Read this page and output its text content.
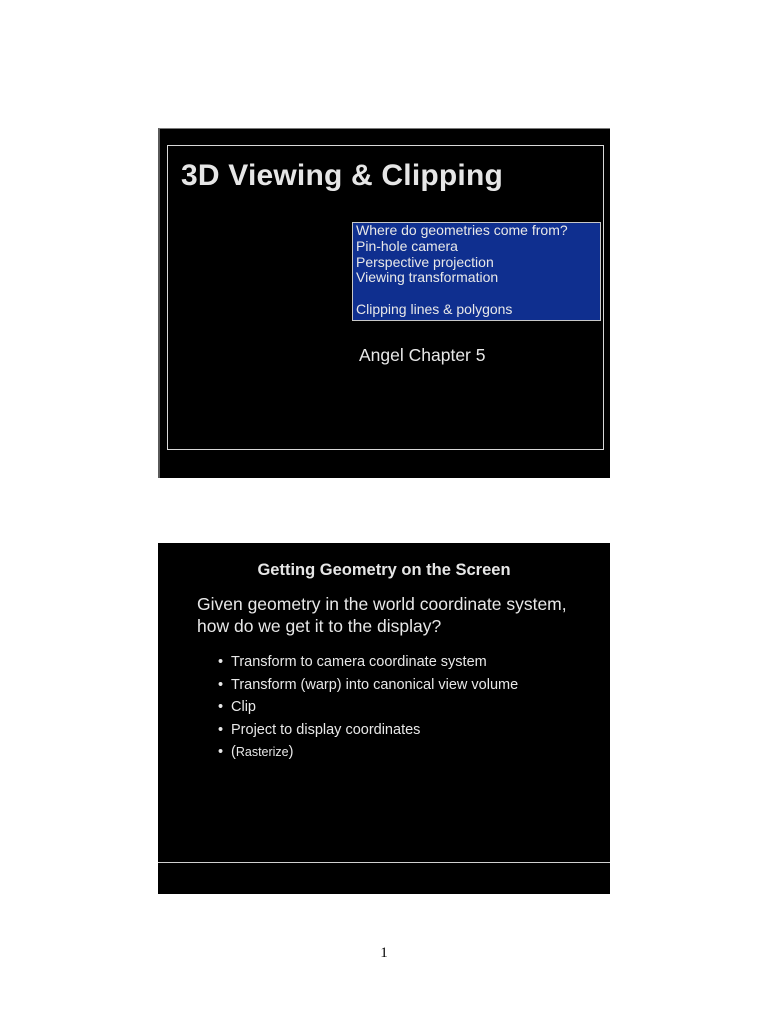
3D Viewing & Clipping
Where do geometries come from?
Pin-hole camera
Perspective projection
Viewing transformation
Clipping lines & polygons
Angel Chapter 5
Getting Geometry on the Screen
Given geometry in the world coordinate system,
how do we get it to the display?
• Transform to camera coordinate system
• Transform (warp) into canonical view volume
• Clip
• Project to display coordinates
• (Rasterize)
1
